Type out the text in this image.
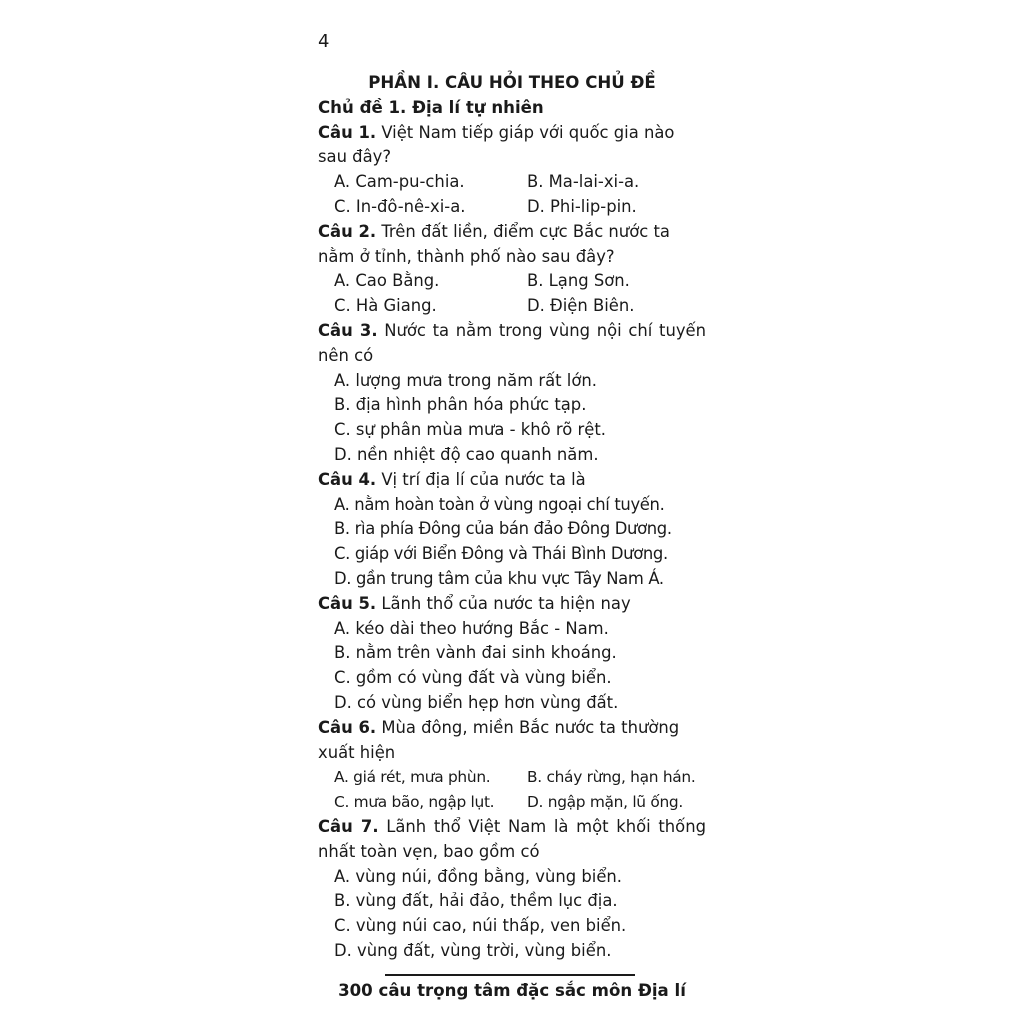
4

PHẦN I. CÂU HỎI THEO CHỦ ĐỀ

Chủ đề 1. Địa lí tự nhiên

Câu 1. Việt Nam tiếp giáp với quốc gia nào sau đây?

A. Cam-pu-chia.	B. Ma-lai-xi-a.
C. In-đô-nê-xi-a.	D. Phi-lip-pin.

Câu 2. Trên đất liền, điểm cực Bắc nước ta nằm ở tỉnh, thành phố nào sau đây?

A. Cao Bằng.	B. Lạng Sơn.
C. Hà Giang.	D. Điện Biên.

Câu 3. Nước ta nằm trong vùng nội chí tuyến nên có

A. lượng mưa trong năm rất lớn.

B. địa hình phân hóa phức tạp.

C. sự phân mùa mưa - khô rõ rệt.

D. nền nhiệt độ cao quanh năm.

Câu 4. Vị trí địa lí của nước ta là

A. nằm hoàn toàn ở vùng ngoại chí tuyến.

B. rìa phía Đông của bán đảo Đông Dương.

C. giáp với Biển Đông và Thái Bình Dương.

D. gần trung tâm của khu vực Tây Nam Á.

Câu 5. Lãnh thổ của nước ta hiện nay

A. kéo dài theo hướng Bắc - Nam.

B. nằm trên vành đai sinh khoáng.

C. gồm có vùng đất và vùng biển.

D. có vùng biển hẹp hơn vùng đất.

Câu 6. Mùa đông, miền Bắc nước ta thường xuất hiện

A. giá rét, mưa phùn.	B. cháy rừng, hạn hán.
C. mưa bão, ngập lụt.	D. ngập mặn, lũ ống.

Câu 7. Lãnh thổ Việt Nam là một khối thống nhất toàn vẹn, bao gồm có

A. vùng núi, đồng bằng, vùng biển.

B. vùng đất, hải đảo, thềm lục địa.

C. vùng núi cao, núi thấp, ven biển.

D. vùng đất, vùng trời, vùng biển.

300 câu trọng tâm đặc sắc môn Địa lí
